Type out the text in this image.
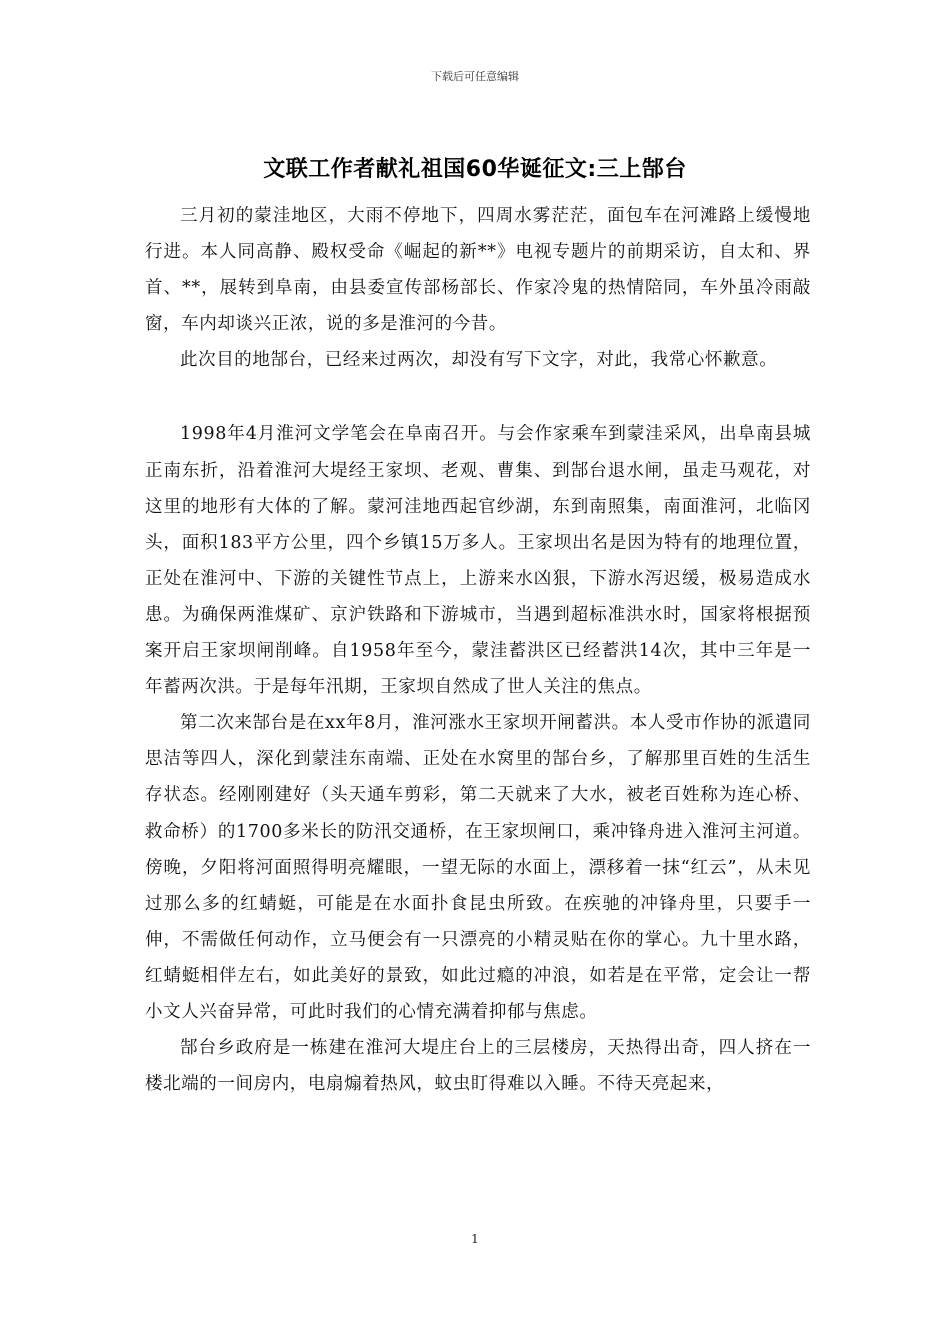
下载后可任意编辑
文联工作者献礼祖国60华诞征文:三上郜台

三月初的蒙洼地区，大雨不停地下，四周水雾茫茫，面包车在河滩路上缓慢地行进。本人同高静、殿权受命《崛起的新**》电视专题片的前期采访，自太和、界首、**，展转到阜南，由县委宣传部杨部长、作家冷鬼的热情陪同，车外虽冷雨敲窗，车内却谈兴正浓，说的多是淮河的今昔。

此次目的地郜台，已经来过两次，却没有写下文字，对此，我常心怀歉意。

1998年4月淮河文学笔会在阜南召开。与会作家乘车到蒙洼采风，出阜南县城正南东折，沿着淮河大堤经王家坝、老观、曹集、到郜台退水闸，虽走马观花，对这里的地形有大体的了解。蒙河洼地西起官纱湖，东到南照集，南面淮河，北临冈头，面积183平方公里，四个乡镇15万多人。王家坝出名是因为特有的地理位置，正处在淮河中、下游的关键性节点上，上游来水凶狠，下游水泻迟缓，极易造成水患。为确保两淮煤矿、京沪铁路和下游城市，当遇到超标准洪水时，国家将根据预案开启王家坝闸削峰。自1958年至今，蒙洼蓄洪区已经蓄洪14次，其中三年是一年蓄两次洪。于是每年汛期，王家坝自然成了世人关注的焦点。

第二次来郜台是在xx年8月，淮河涨水王家坝开闸蓄洪。本人受市作协的派遣同思洁等四人，深化到蒙洼东南端、正处在水窝里的郜台乡，了解那里百姓的生活生存状态。经刚刚建好（头天通车剪彩，第二天就来了大水，被老百姓称为连心桥、救命桥）的1700多米长的防汛交通桥，在王家坝闸口，乘冲锋舟进入淮河主河道。傍晚，夕阳将河面照得明亮耀眼，一望无际的水面上，漂移着一抹“红云”，从未见过那么多的红蜻蜓，可能是在水面扑食昆虫所致。在疾驰的冲锋舟里，只要手一伸，不需做任何动作，立马便会有一只漂亮的小精灵贴在你的掌心。九十里水路，红蜻蜓相伴左右，如此美好的景致，如此过瘾的冲浪，如若是在平常，定会让一帮小文人兴奋异常，可此时我们的心情充满着抑郁与焦虑。

郜台乡政府是一栋建在淮河大堤庄台上的三层楼房，天热得出奇，四人挤在一楼北端的一间房内，电扇煽着热风，蚊虫盯得难以入睡。不待天亮起来，

1
